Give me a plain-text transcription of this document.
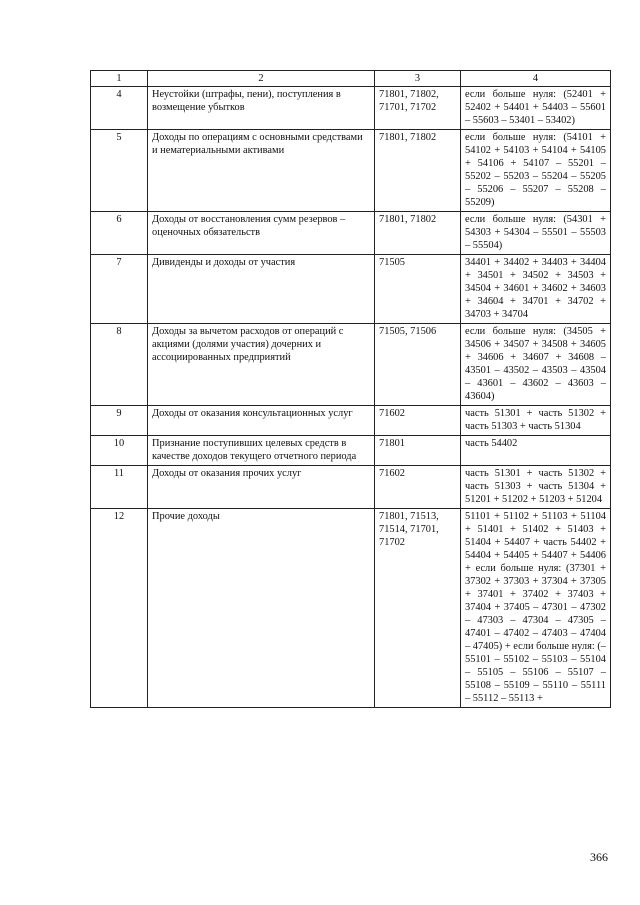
1	2	3	4
4	Неустойки (штрафы, пени), поступления в возмещение убытков	71801, 71802, 71701, 71702	если больше нуля: (52401 + 52402 + 54401 + 54403 – 55601 – 55603 – 53401 – 53402)
5	Доходы по операциям с основными средствами и нематериальными активами	71801, 71802	если больше нуля: (54101 + 54102 + 54103 + 54104 + 54105 + 54106 + 54107 – 55201 – 55202 – 55203 – 55204 – 55205 – 55206 – 55207 – 55208 – 55209)
6	Доходы от восстановления сумм резервов – оценочных обязательств	71801, 71802	если больше нуля: (54301 + 54303 + 54304 – 55501 – 55503 – 55504)
7	Дивиденды и доходы от участия	71505	34401 + 34402 + 34403 + 34404 + 34501 + 34502 + 34503 + 34504 + 34601 + 34602 + 34603 + 34604 + 34701 + 34702 + 34703 + 34704
8	Доходы за вычетом расходов от операций с акциями (долями участия) дочерних и ассоциированных предприятий	71505, 71506	если больше нуля: (34505 + 34506 + 34507 + 34508 + 34605 + 34606 + 34607 + 34608 – 43501 – 43502 – 43503 – 43504 – 43601 – 43602 – 43603 – 43604)
9	Доходы от оказания консультационных услуг	71602	часть 51301 + часть 51302 + часть 51303 + часть 51304
10	Признание поступивших целевых средств в качестве доходов текущего отчетного периода	71801	часть 54402
11	Доходы от оказания прочих услуг	71602	часть 51301 + часть 51302 + часть 51303 + часть 51304 + 51201 + 51202 + 51203 + 51204
12	Прочие доходы	71801, 71513, 71514, 71701, 71702	51101 + 51102 + 51103 + 51104 + 51401 + 51402 + 51403 + 51404 + 54407 + часть 54402 + 54404 + 54405 + 54407 + 54406 + если больше нуля: (37301 + 37302 + 37303 + 37304 + 37305 + 37401 + 37402 + 37403 + 37404 + 37405 – 47301 – 47302 – 47303 – 47304 – 47305 – 47401 – 47402 – 47403 – 47404 – 47405) + если больше нуля: (– 55101 – 55102 – 55103 – 55104 – 55105 – 55106 – 55107 – 55108 – 55109 – 55110 – 55111 – 55112 – 55113 +
366
